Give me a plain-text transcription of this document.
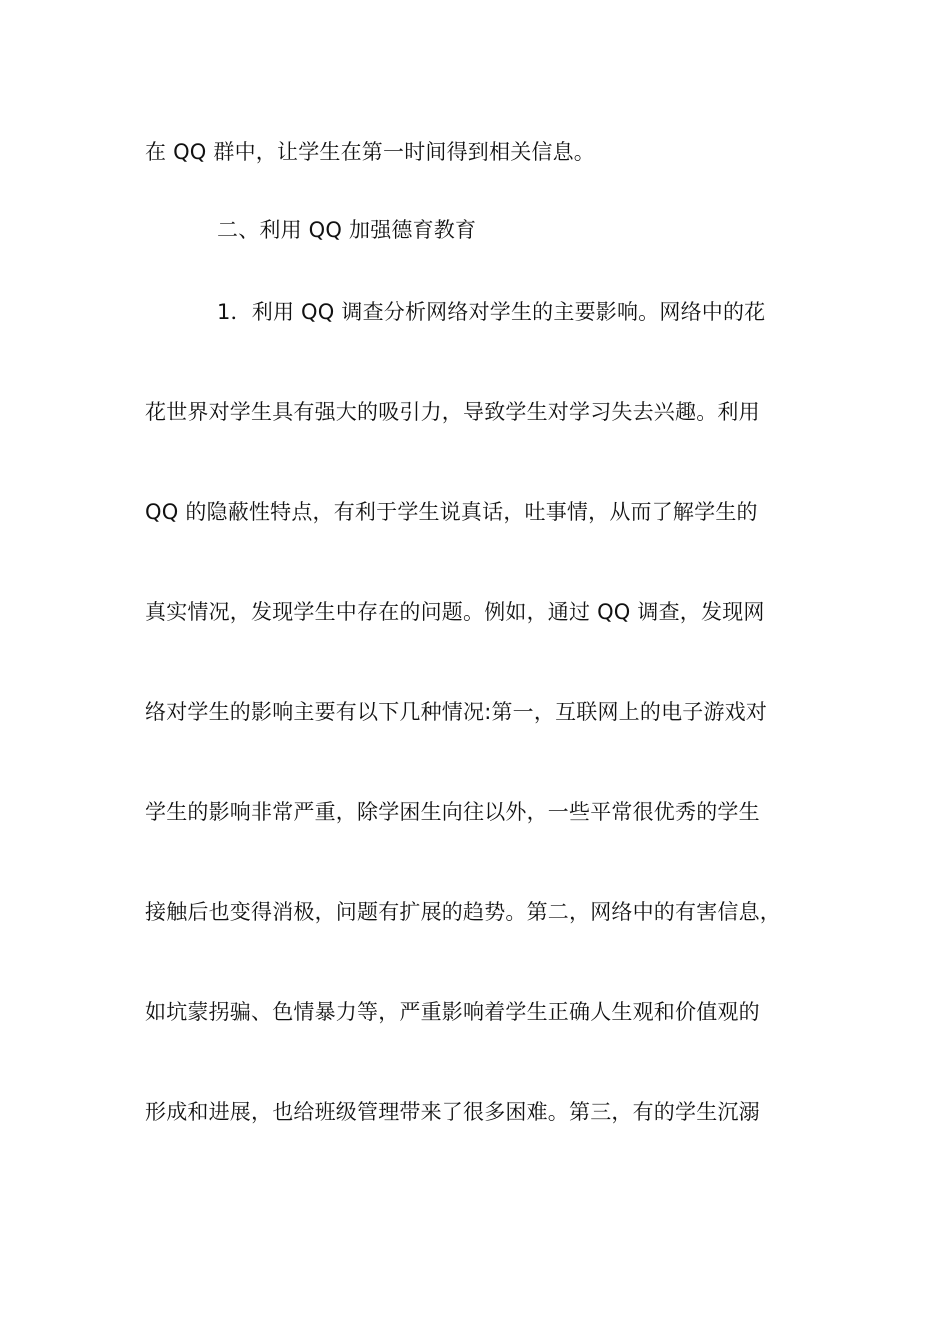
在 QQ 群中，让学生在第一时间得到相关信息。
二、利用 QQ 加强德育教育
1．利用 QQ 调查分析网络对学生的主要影响。网络中的花
花世界对学生具有强大的吸引力，导致学生对学习失去兴趣。利用
QQ 的隐蔽性特点，有利于学生说真话，吐事情，从而了解学生的
真实情况，发现学生中存在的问题。例如，通过 QQ 调查，发现网
络对学生的影响主要有以下几种情况:第一，互联网上的电子游戏对
学生的影响非常严重，除学困生向往以外，一些平常很优秀的学生
接触后也变得消极，问题有扩展的趋势。第二，网络中的有害信息，
如坑蒙拐骗、色情暴力等，严重影响着学生正确人生观和价值观的
形成和进展，也给班级管理带来了很多困难。第三，有的学生沉溺
